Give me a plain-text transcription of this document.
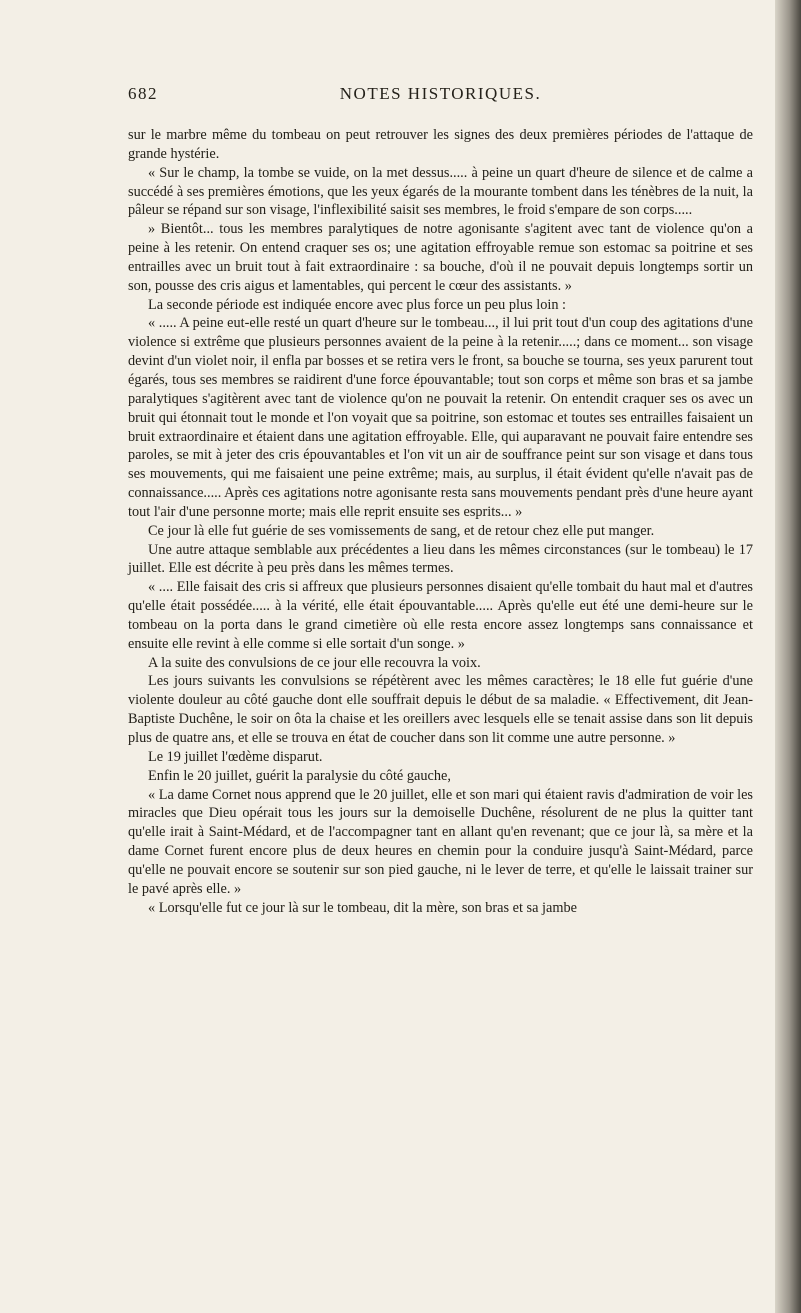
682	NOTES HISTORIQUES.

sur le marbre même du tombeau on peut retrouver les signes des deux premières périodes de l'attaque de grande hystérie.

« Sur le champ, la tombe se vuide, on la met dessus..... à peine un quart d'heure de silence et de calme a succédé à ses premières émotions, que les yeux égarés de la mourante tombent dans les ténèbres de la nuit, la pâleur se répand sur son visage, l'inflexibilité saisit ses membres, le froid s'empare de son corps.....

» Bientôt... tous les membres paralytiques de notre agonisante s'agitent avec tant de violence qu'on a peine à les retenir. On entend craquer ses os; une agitation effroyable remue son estomac sa poitrine et ses entrailles avec un bruit tout à fait extraordinaire : sa bouche, d'où il ne pouvait depuis longtemps sortir un son, pousse des cris aigus et lamentables, qui percent le cœur des assistants. »

La seconde période est indiquée encore avec plus force un peu plus loin :

« ..... A peine eut-elle resté un quart d'heure sur le tombeau..., il lui prit tout d'un coup des agitations d'une violence si extrême que plusieurs personnes avaient de la peine à la retenir.....; dans ce moment... son visage devint d'un violet noir, il enfla par bosses et se retira vers le front, sa bouche se tourna, ses yeux parurent tout égarés, tous ses membres se raidirent d'une force épouvantable; tout son corps et même son bras et sa jambe paralytiques s'agitèrent avec tant de violence qu'on ne pouvait la retenir. On entendit craquer ses os avec un bruit qui étonnait tout le monde et l'on voyait que sa poitrine, son estomac et toutes ses entrailles faisaient un bruit extraordinaire et étaient dans une agitation effroyable. Elle, qui auparavant ne pouvait faire entendre ses paroles, se mit à jeter des cris épouvantables et l'on vit un air de souffrance peint sur son visage et dans tous ses mouvements, qui me faisaient une peine extrême; mais, au surplus, il était évident qu'elle n'avait pas de connaissance..... Après ces agitations notre agonisante resta sans mouvements pendant près d'une heure ayant tout l'air d'une personne morte; mais elle reprit ensuite ses esprits... »

Ce jour là elle fut guérie de ses vomissements de sang, et de retour chez elle put manger.

Une autre attaque semblable aux précédentes a lieu dans les mêmes circonstances (sur le tombeau) le 17 juillet. Elle est décrite à peu près dans les mêmes termes.

« .... Elle faisait des cris si affreux que plusieurs personnes disaient qu'elle tombait du haut mal et d'autres qu'elle était possédée..... à la vérité, elle était épouvantable..... Après qu'elle eut été une demi-heure sur le tombeau on la porta dans le grand cimetière où elle resta encore assez longtemps sans connaissance et ensuite elle revint à elle comme si elle sortait d'un songe. »

A la suite des convulsions de ce jour elle recouvra la voix.

Les jours suivants les convulsions se répétèrent avec les mêmes caractères; le 18 elle fut guérie d'une violente douleur au côté gauche dont elle souffrait depuis le début de sa maladie. « Effectivement, dit Jean-Baptiste Duchêne, le soir on ôta la chaise et les oreillers avec lesquels elle se tenait assise dans son lit depuis plus de quatre ans, et elle se trouva en état de coucher dans son lit comme une autre personne. »

Le 19 juillet l'œdème disparut.

Enfin le 20 juillet, guérit la paralysie du côté gauche,

« La dame Cornet nous apprend que le 20 juillet, elle et son mari qui étaient ravis d'admiration de voir les miracles que Dieu opérait tous les jours sur la demoiselle Duchêne, résolurent de ne plus la quitter tant qu'elle irait à Saint-Médard, et de l'accompagner tant en allant qu'en revenant; que ce jour là, sa mère et la dame Cornet furent encore plus de deux heures en chemin pour la conduire jusqu'à Saint-Médard, parce qu'elle ne pouvait encore se soutenir sur son pied gauche, ni le lever de terre, et qu'elle le laissait trainer sur le pavé après elle. »

« Lorsqu'elle fut ce jour là sur le tombeau, dit la mère, son bras et sa jambe
